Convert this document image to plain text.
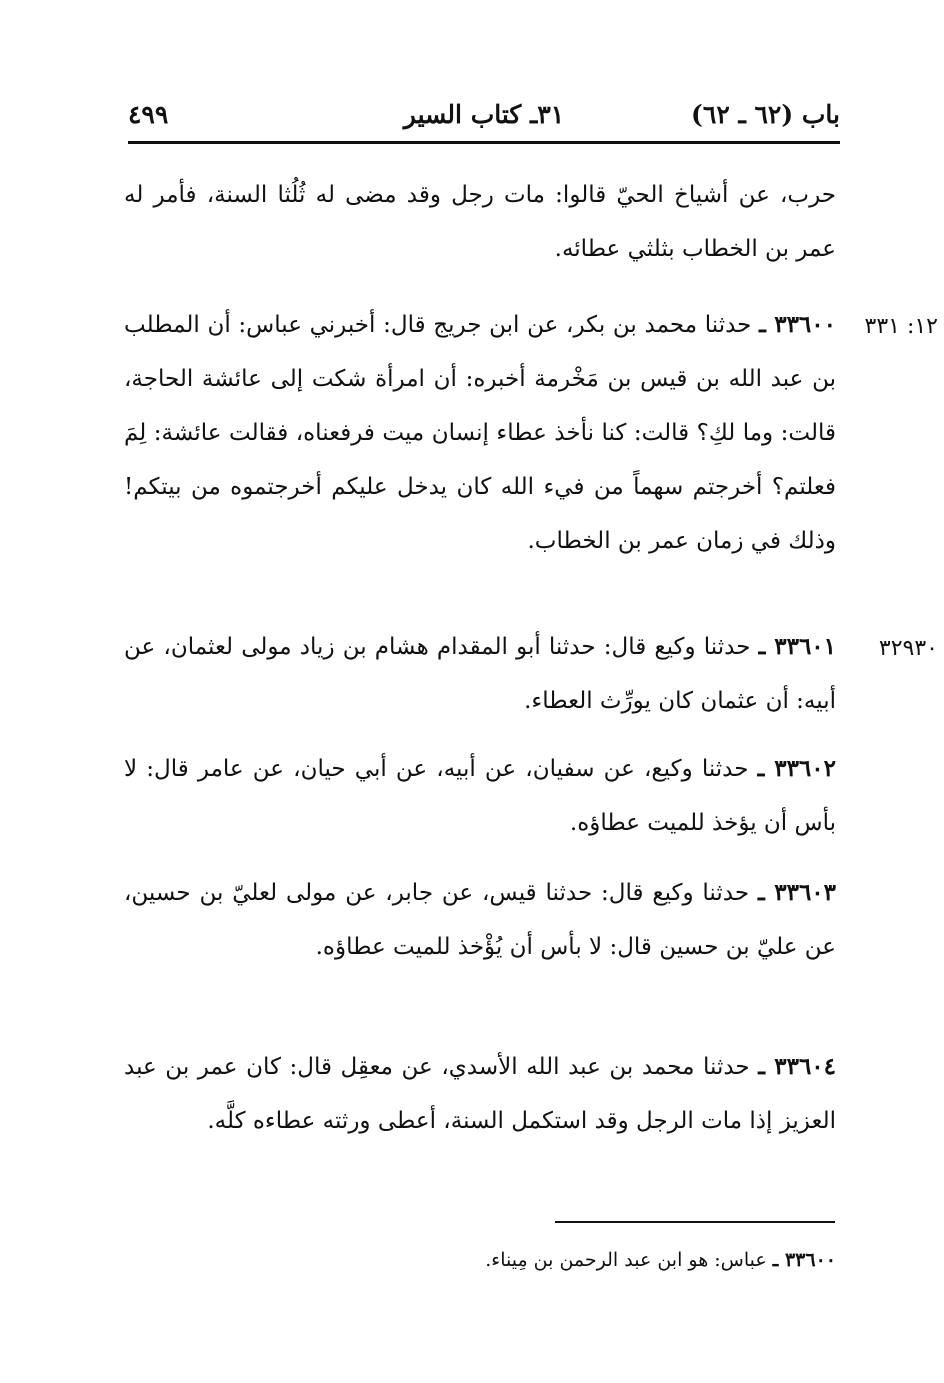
باب (٦٢ ـ ٦٢)
٣١ـ كتاب السير
٤٩٩
حرب، عن أشياخ الحيّ قالوا: مات رجل وقد مضى له ثُلُثا السنة، فأمر له عمر بن الخطاب بثلثي عطائه.
١٢: ٣٣١
٣٣٦٠٠ ـ حدثنا محمد بن بكر، عن ابن جريج قال: أخبرني عباس: أن المطلب بن عبد الله بن قيس بن مَخْرمة أخبره: أن امرأة شكت إلى عائشة الحاجة، قالت: وما لكِ؟ قالت: كنا نأخذ عطاء إنسان ميت فرفعناه، فقالت عائشة: لِمَ فعلتم؟ أخرجتم سهماً من فيء الله كان يدخل عليكم أخرجتموه من بيتكم! وذلك في زمان عمر بن الخطاب.
٣٢٩٣٠
٣٣٦٠١ ـ حدثنا وكيع قال: حدثنا أبو المقدام هشام بن زياد مولى لعثمان، عن أبيه: أن عثمان كان يورِّث العطاء.
٣٣٦٠٢ ـ حدثنا وكيع، عن سفيان، عن أبيه، عن أبي حيان، عن عامر قال: لا بأس أن يؤخذ للميت عطاؤه.
٣٣٦٠٣ ـ حدثنا وكيع قال: حدثنا قيس، عن جابر، عن مولى لعليّ بن حسين، عن عليّ بن حسين قال: لا بأس أن يُؤْخذ للميت عطاؤه.
٣٣٦٠٤ ـ حدثنا محمد بن عبد الله الأسدي، عن معقِل قال: كان عمر بن عبد العزيز إذا مات الرجل وقد استكمل السنة، أعطى ورثته عطاءه كلَّه.
٣٣٦٠٠ ـ عباس: هو ابن عبد الرحمن بن مِيناء.
